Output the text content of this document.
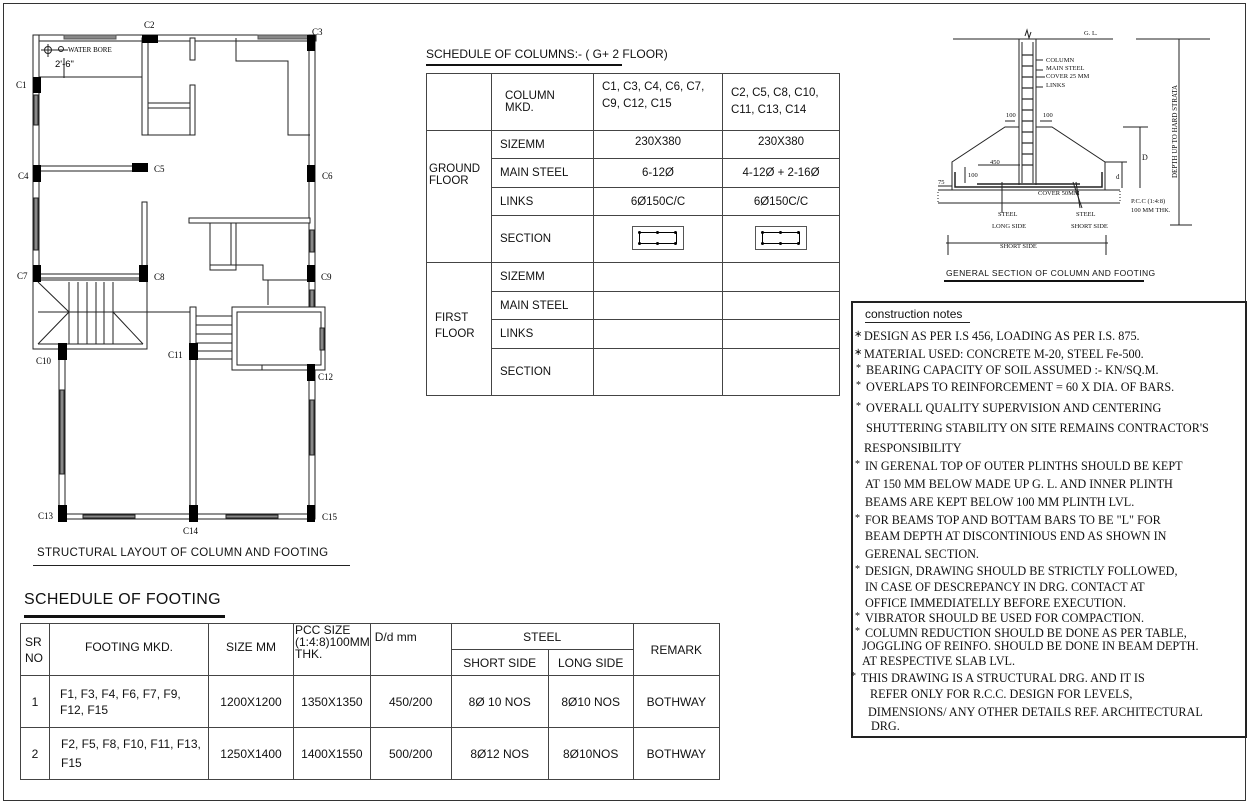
WATER BORE
2'-6"
C1
C2
C3
C4
C5
C6
C7	C8	C9
C10
C11
C12
C13
C14
C15
STRUCTURAL LAYOUT OF COLUMN AND FOOTING
SCHEDULE OF COLUMNS:- ( G+ 2 FLOOR)
	COLUMN MKD.	C1, C3, C4, C6, C7, C9, C12, C15	C2, C5, C8, C10, C11, C13, C14
GROUND FLOOR	SIZEMM	230X380	230X380
	MAIN STEEL	6-12Ø	4-12Ø + 2-16Ø
	LINKS	6Ø150C/C	6Ø150C/C
	SECTION	

FIRST FLOOR	SIZEMM		
	MAIN STEEL		
	LINKS		
	SECTION		
G. L.
COLUMN
MAIN STEEL
COVER 25 MM
LINKS
100	100
450
100
75
COVER 50MM
STEEL
LONG SIDE
STEEL
SHORT SIDE
SHORT SIDE
D
d
P.C.C (1:4:8)
100 MM THK.
DEPTH UP TO HARD STRATA
GENERAL SECTION OF COLUMN AND FOOTING
construction notes
∗ DESIGN AS PER I.S 456, LOADING AS PER I.S. 875.
∗ MATERIAL USED: CONCRETE M-20, STEEL Fe-500.
* BEARING CAPACITY OF SOIL ASSUMED :- KN/SQ.M.
* OVERLAPS TO REINFORCEMENT = 60 X DIA. OF BARS.
* OVERALL QUALITY SUPERVISION AND CENTERING
SHUTTERING STABILITY ON SITE REMAINS CONTRACTOR'S
RESPONSIBILITY
* IN GERENAL TOP OF OUTER PLINTHS SHOULD BE KEPT
AT 150 MM BELOW MADE UP G. L. AND INNER PLINTH
BEAMS ARE KEPT BELOW 100 MM PLINTH LVL.
* FOR BEAMS TOP AND BOTTAM BARS TO BE "L" FOR
BEAM DEPTH AT DISCONTINIOUS END AS SHOWN IN
GERENAL SECTION.
* DESIGN, DRAWING SHOULD BE STRICTLY FOLLOWED,
IN CASE OF DESCREPANCY IN DRG. CONTACT AT
OFFICE IMMEDIATELLY BEFORE EXECUTION.
* VIBRATOR SHOULD BE USED FOR COMPACTION.
* COLUMN REDUCTION SHOULD BE DONE AS PER TABLE,
JOGGLING OF REINFO. SHOULD BE DONE IN BEAM DEPTH.
AT RESPECTIVE SLAB LVL.
* THIS DRAWING IS A STRUCTURAL DRG. AND IT IS
REFER ONLY FOR R.C.C. DESIGN FOR LEVELS,
DIMENSIONS/ ANY OTHER DETAILS REF. ARCHITECTURAL
DRG.
SCHEDULE OF FOOTING
SR NO	FOOTING MKD.	SIZE MM	PCC SIZE (1:4:8)100MM THK.	D/d mm	STEEL		REMARK
					SHORT SIDE	LONG SIDE	
1	F1, F3, F4, F6, F7, F9, F12, F15	1200X1200	1350X1350	450/200	8Ø 10 NOS	8Ø10 NOS	BOTHWAY
2	F2, F5, F8, F10, F11, F13, F15	1250X1400	1400X1550	500/200	8Ø12 NOS	8Ø10NOS	BOTHWAY
